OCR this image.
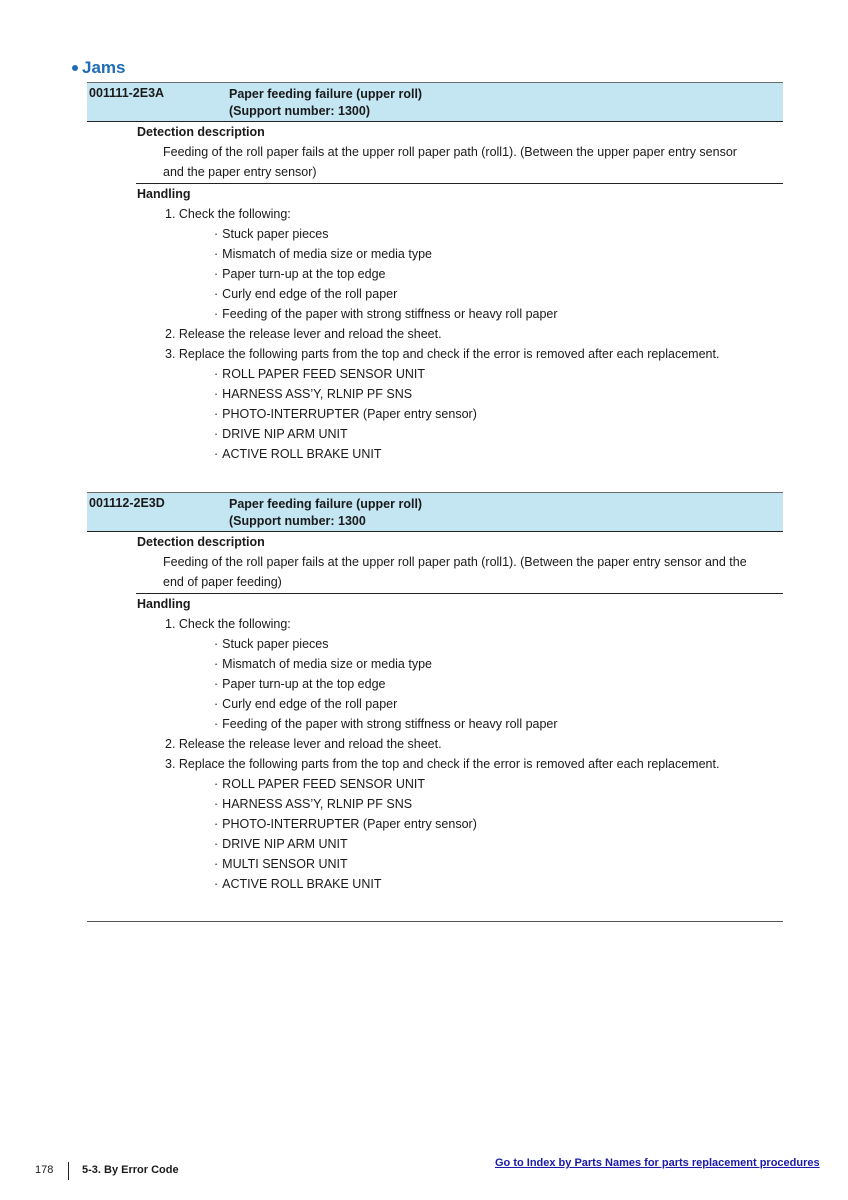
Jams
001111-2E3A	Paper feeding failure (upper roll)
(Support number: 1300)
Detection description
Feeding of the roll paper fails at the upper roll paper path (roll1). (Between the upper paper entry sensor
and the paper entry sensor)
Handling
1. Check the following:
· Stuck paper pieces
· Mismatch of media size or media type
· Paper turn-up at the top edge
· Curly end edge of the roll paper
· Feeding of the paper with strong stiffness or heavy roll paper
2. Release the release lever and reload the sheet.
3. Replace the following parts from the top and check if the error is removed after each replacement.
· ROLL PAPER FEED SENSOR UNIT
· HARNESS ASS’Y, RLNIP PF SNS
· PHOTO-INTERRUPTER (Paper entry sensor)
· DRIVE NIP ARM UNIT
· ACTIVE ROLL BRAKE UNIT
001112-2E3D	Paper feeding failure (upper roll)
(Support number: 1300
Detection description
Feeding of the roll paper fails at the upper roll paper path (roll1). (Between the paper entry sensor and the
end of paper feeding)
Handling
1. Check the following:
· Stuck paper pieces
· Mismatch of media size or media type
· Paper turn-up at the top edge
· Curly end edge of the roll paper
· Feeding of the paper with strong stiffness or heavy roll paper
2. Release the release lever and reload the sheet.
3. Replace the following parts from the top and check if the error is removed after each replacement.
· ROLL PAPER FEED SENSOR UNIT
· HARNESS ASS’Y, RLNIP PF SNS
· PHOTO-INTERRUPTER (Paper entry sensor)
· DRIVE NIP ARM UNIT
· MULTI SENSOR UNIT
· ACTIVE ROLL BRAKE UNIT
178	5-3. By Error Code
Go to Index by Parts Names for parts replacement procedures
